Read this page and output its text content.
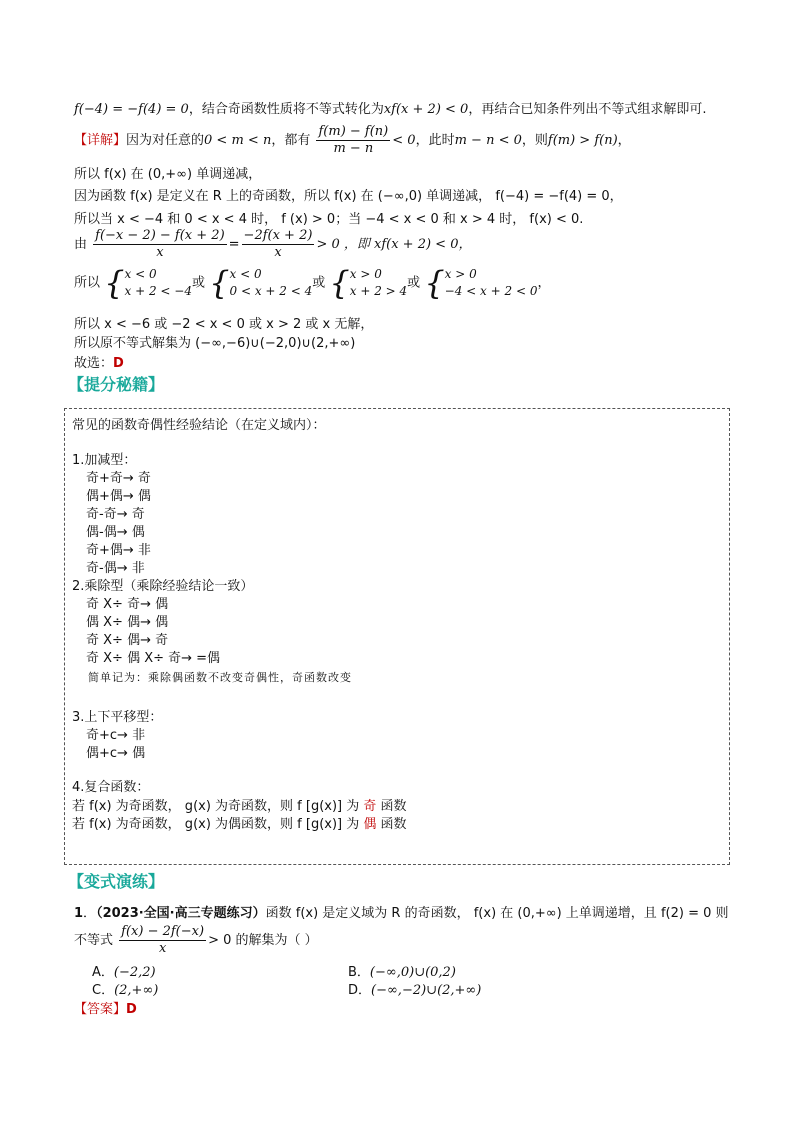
f(−4) = −f(4) = 0，结合奇函数性质将不等式转化为xf(x + 2) < 0，再结合已知条件列出不等式组求解即可.
【详解】因为对任意的0 < m < n，都有 $\frac{f(m) - f(n)}{m - n} < 0$，此时m − n < 0，则f(m) > f(n)，
所以 f(x) 在 (0,+∞) 单调递减，
因为函数 f(x) 是定义在 R 上的奇函数，所以 f(x) 在 (−∞,0) 单调递减， f(−4) = −f(4) = 0，
所以当 x < −4 和 0 < x < 4 时， f (x) > 0；当 −4 < x < 0 和 x > 4 时， f(x) < 0.
由 $\frac{f(-x - 2) - f(x + 2)}{x} = \frac{-2f(x + 2)}{x} > 0$ ，即 xf(x + 2) < 0，
所以 { x < 0
x + 2 < −4
或 { x < 0
0 < x + 2 < 4
或 { x > 0
x + 2 > 4
或 { x > 0
−4 < x + 2 < 0
，
所以 x < −6 或 −2 < x < 0 或 x > 2 或 x 无解，
所以原不等式解集为 (−∞,−6)∪(−2,0)∪(2,+∞)
故选：D
【提分秘籍】
常见的函数奇偶性经验结论（在定义域内）：
1.加减型：
奇+奇→ 奇
偶+偶→ 偶
奇-奇→ 奇
偶-偶→ 偶
奇+偶→ 非
奇-偶→ 非
2.乘除型（乘除经验结论一致）
奇 X÷ 奇→ 偶
偶 X÷ 偶→ 偶
奇 X÷ 偶→ 奇
奇 X÷ 偶 X÷ 奇→ =偶
简单记为：乘除偶函数不改变奇偶性，奇函数改变
3.上下平移型：
奇+c→ 非
偶+c→ 偶
4.复合函数：
若 f(x) 为奇函数， g(x) 为奇函数，则 f [g(x)] 为 奇 函数
若 f(x) 为奇函数， g(x) 为偶函数，则 f [g(x)] 为 偶 函数
【变式演练】
1．（2023·全国·高三专题练习）函数 f(x) 是定义域为 R 的奇函数， f(x) 在 (0,+∞) 上单调递增，且 f(2) = 0 则
不等式 $\frac{f(x) - 2f(-x)}{x} > 0$ 的解集为（ ）
A．(−2,2)	B．(−∞,0)∪(0,2)
C．(2,+∞)	D．(−∞,−2)∪(2,+∞)
【答案】D
